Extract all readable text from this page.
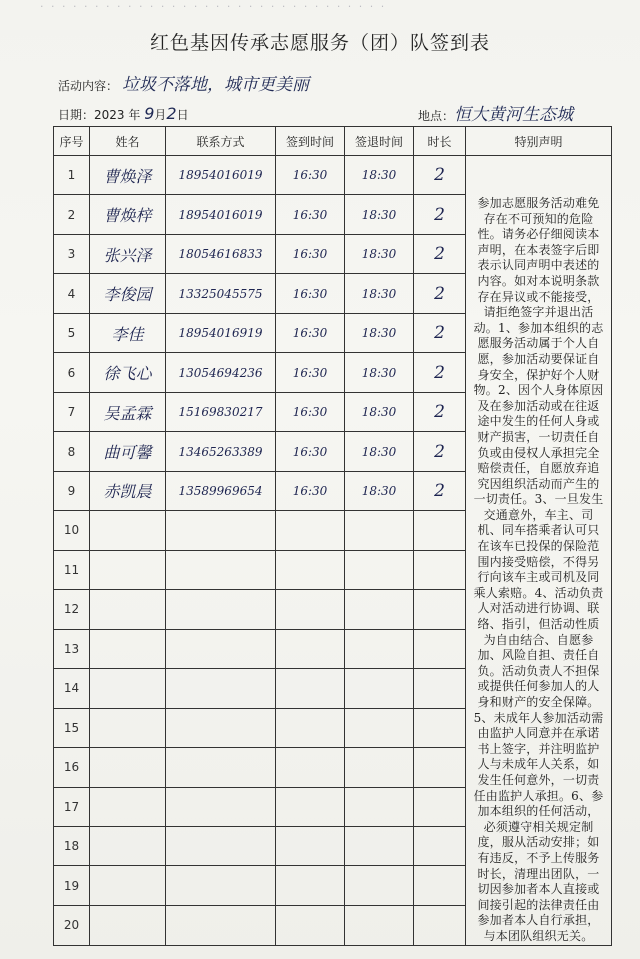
· · · · · · · · · · · · · · · · · · · · · · · · · · · · · · · ·
红色基因传承志愿服务（团）队签到表
活动内容： 垃圾不落地，城市更美丽
日期：2023 年 9月2日	地点：恒大黄河生态城
序号	姓名	联系方式	签到时间	签退时间	时长	特别声明
1	曹焕泽	18954016019	16:30	18:30	2	参加志愿服务活动难免存在不可预知的危险性。请务必仔细阅读本声明，在本表签字后即表示认同声明中表述的内容。如对本说明条款存在异议或不能接受，请拒绝签字并退出活动。1、参加本组织的志愿服务活动属于个人自愿，参加活动要保证自身安全，保护好个人财物。2、因个人身体原因及在参加活动或在往返途中发生的任何人身或财产损害，一切责任自负或由侵权人承担完全赔偿责任，自愿放弃追究因组织活动而产生的一切责任。3、一旦发生交通意外，车主、司机、同车搭乘者认可只在该车已投保的保险范围内接受赔偿，不得另行向该车主或司机及同乘人索赔。4、活动负责人对活动进行协调、联络、指引，但活动性质为自由结合、自愿参加、风险自担、责任自负。活动负责人不担保或提供任何参加人的人身和财产的安全保障。5、未成年人参加活动需由监护人同意并在承诺书上签字，并注明监护人与未成年人关系，如发生任何意外，一切责任由监护人承担。6、参加本组织的任何活动，必须遵守相关规定制度，服从活动安排；如有违反，不予上传服务时长，清理出团队，一切因参加者本人直接或间接引起的法律责任由参加者本人自行承担，与本团队组织无关。
2	曹焕梓	18954016019	16:30	18:30	2	
3	张兴泽	18054616833	16:30	18:30	2	
4	李俊园	13325045575	16:30	18:30	2	
5	李佳	18954016919	16:30	18:30	2	
6	徐飞心	13054694236	16:30	18:30	2	
7	吴孟霖	15169830217	16:30	18:30	2	
8	曲可馨	13465263389	16:30	18:30	2	
9	赤凯晨	13589969654	16:30	18:30	2	
10						
11						
12						
13						
14						
15						
16						
17						
18						
19						
20						
